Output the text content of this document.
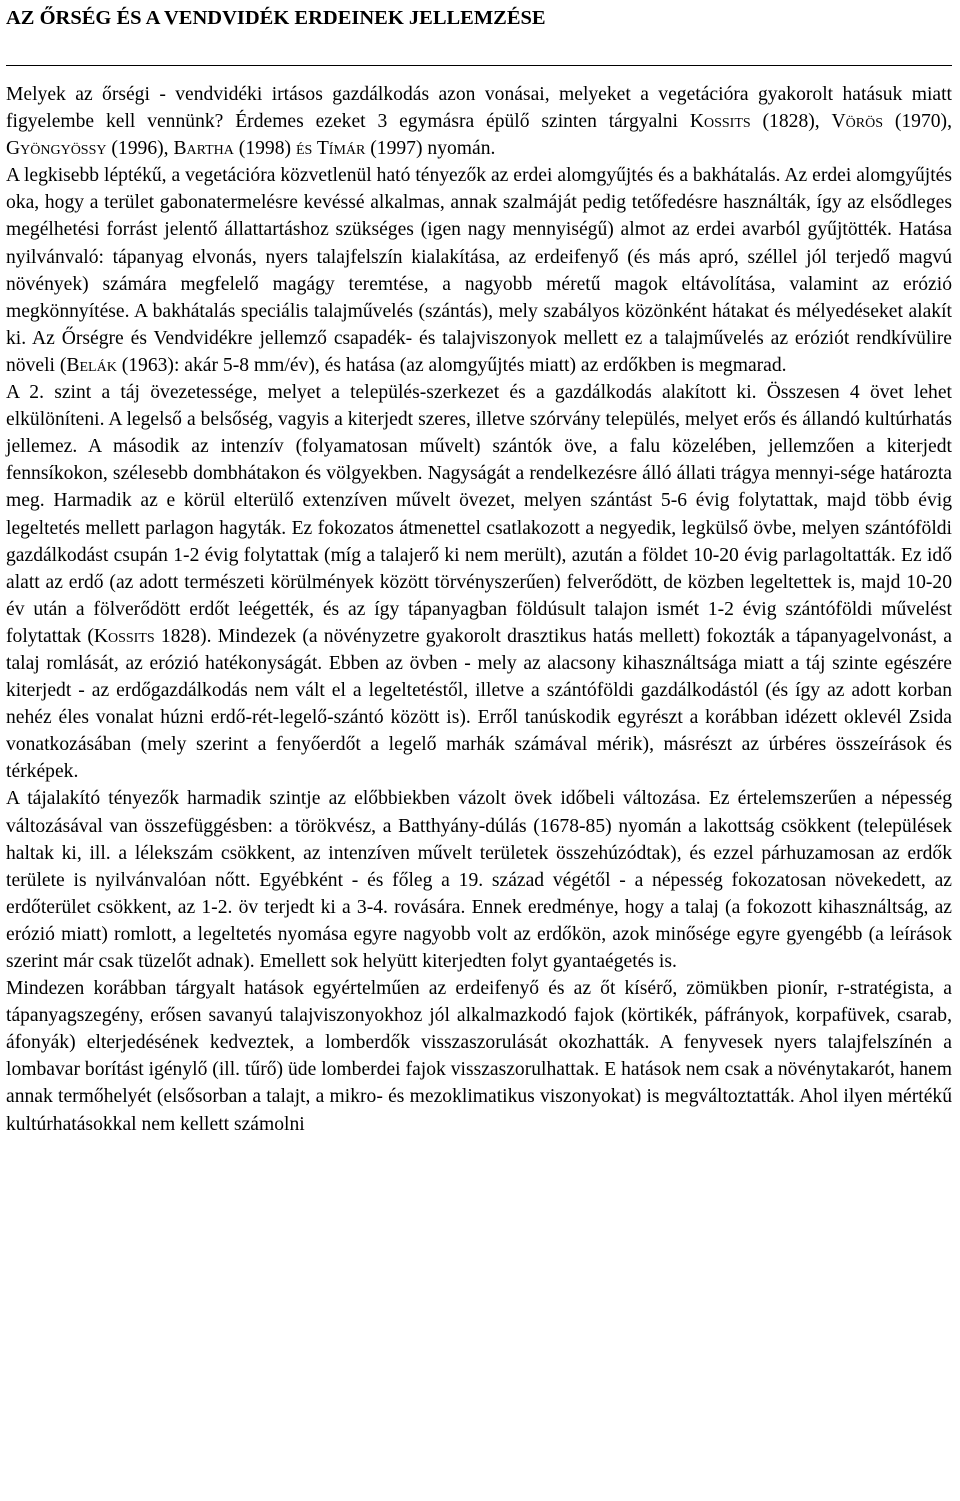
AZ ŐRSÉG ÉS A VENDVIDÉK ERDEINEK JELLEMZÉSE

Melyek az őrségi - vendvidéki irtásos gazdálkodás azon vonásai, melyeket a vegetációra gyakorolt hatásuk miatt figyelembe kell vennünk? Érdemes ezeket 3 egymásra épülő szinten tárgyalni Kossits (1828), Vörös (1970), Gyöngyössy (1996), Bartha (1998) és Tímár (1997) nyomán.

A legkisebb léptékű, a vegetációra közvetlenül ható tényezők az erdei alomgyűjtés és a bakhátalás. Az erdei alomgyűjtés oka, hogy a terület gabonatermelésre kevéssé alkalmas, annak szalmáját pedig tetőfedésre használták, így az elsődleges megélhetési forrást jelentő állattartáshoz szükséges (igen nagy mennyiségű) almot az erdei avarból gyűjtötték. Hatása nyilvánvaló: tápanyag elvonás, nyers talajfelszín kialakítása, az erdeifenyő (és más apró, széllel jól terjedő magvú növények) számára megfelelő magágy teremtése, a nagyobb méretű magok eltávolítása, valamint az erózió megkönnyítése. A bakhátalás speciális talajművelés (szántás), mely szabályos közönként hátakat és mélyedéseket alakít ki. Az Őrségre és Vendvidékre jellemző csapadék- és talajviszonyok mellett ez a talajművelés az eróziót rendkívülire növeli (Belák (1963): akár 5-8 mm/év), és hatása (az alomgyűjtés miatt) az erdőkben is megmarad.

A 2. szint a táj övezetessége, melyet a település-szerkezet és a gazdálkodás alakított ki. Összesen 4 övet lehet elkülöníteni. A legelső a belsőség, vagyis a kiterjedt szeres, illetve szórvány település, melyet erős és állandó kultúrhatás jellemez. A második az intenzív (folyamatosan művelt) szántók öve, a falu közelében, jellemzően a kiterjedt fennsíkokon, szélesebb dombhátakon és völgyekben. Nagyságát a rendelkezésre álló állati trágya mennyi-sége határozta meg. Harmadik az e körül elterülő extenzíven művelt övezet, melyen szántást 5-6 évig folytattak, majd több évig legeltetés mellett parlagon hagyták. Ez fokozatos átmenettel csatlakozott a negyedik, legkülső övbe, melyen szántóföldi gazdálkodást csupán 1-2 évig folytattak (míg a talajerő ki nem merült), azután a földet 10-20 évig parlagoltatták. Ez idő alatt az erdő (az adott természeti körülmények között törvényszerűen) felverődött, de közben legeltettek is, majd 10-20 év után a fölverődött erdőt leégették, és az így tápanyagban földúsult talajon ismét 1-2 évig szántóföldi művelést folytattak (Kossits 1828). Mindezek (a növényzetre gyakorolt drasztikus hatás mellett) fokozták a tápanyagelvonást, a talaj romlását, az erózió hatékonyságát. Ebben az övben - mely az alacsony kihasználtsága miatt a táj szinte egészére kiterjedt - az erdőgazdálkodás nem vált el a legeltetéstől, illetve a szántóföldi gazdálkodástól (és így az adott korban nehéz éles vonalat húzni erdő-rét-legelő-szántó között is). Erről tanúskodik egyrészt a korábban idézett oklevél Zsida vonatkozásában (mely szerint a fenyőerdőt a legelő marhák számával mérik), másrészt az úrbéres összeírások és térképek.

A tájalakító tényezők harmadik szintje az előbbiekben vázolt övek időbeli változása. Ez értelemszerűen a népesség változásával van összefüggésben: a törökvész, a Batthyány-dúlás (1678-85) nyomán a lakottság csökkent (települések haltak ki, ill. a lélekszám csökkent, az intenzíven művelt területek összehúzódtak), és ezzel párhuzamosan az erdők területe is nyilvánvalóan nőtt. Egyébként - és főleg a 19. század végétől - a népesség fokozatosan növekedett, az erdőterület csökkent, az 1-2. öv terjedt ki a 3-4. rovására. Ennek eredménye, hogy a talaj (a fokozott kihasználtság, az erózió miatt) romlott, a legeltetés nyomása egyre nagyobb volt az erdőkön, azok minősége egyre gyengébb (a leírások szerint már csak tüzelőt adnak). Emellett sok helyütt kiterjedten folyt gyantaégetés is.

Mindezen korábban tárgyalt hatások egyértelműen az erdeifenyő és az őt kísérő, zömükben pionír, r-stratégista, a tápanyagszegény, erősen savanyú talajviszonyokhoz jól alkalmazkodó fajok (körtikék, páfrányok, korpafüvek, csarab, áfonyák) elterjedésének kedveztek, a lomberdők visszaszorulását okozhatták. A fenyvesek nyers talajfelszínén a lombavar borítást igénylő (ill. tűrő) üde lomberdei fajok visszaszorulhattak. E hatások nem csak a növénytakarót, hanem annak termőhelyét (elsősorban a talajt, a mikro- és mezoklimatikus viszonyokat) is megváltoztatták. Ahol ilyen mértékű kultúrhatásokkal nem kellett számolni
